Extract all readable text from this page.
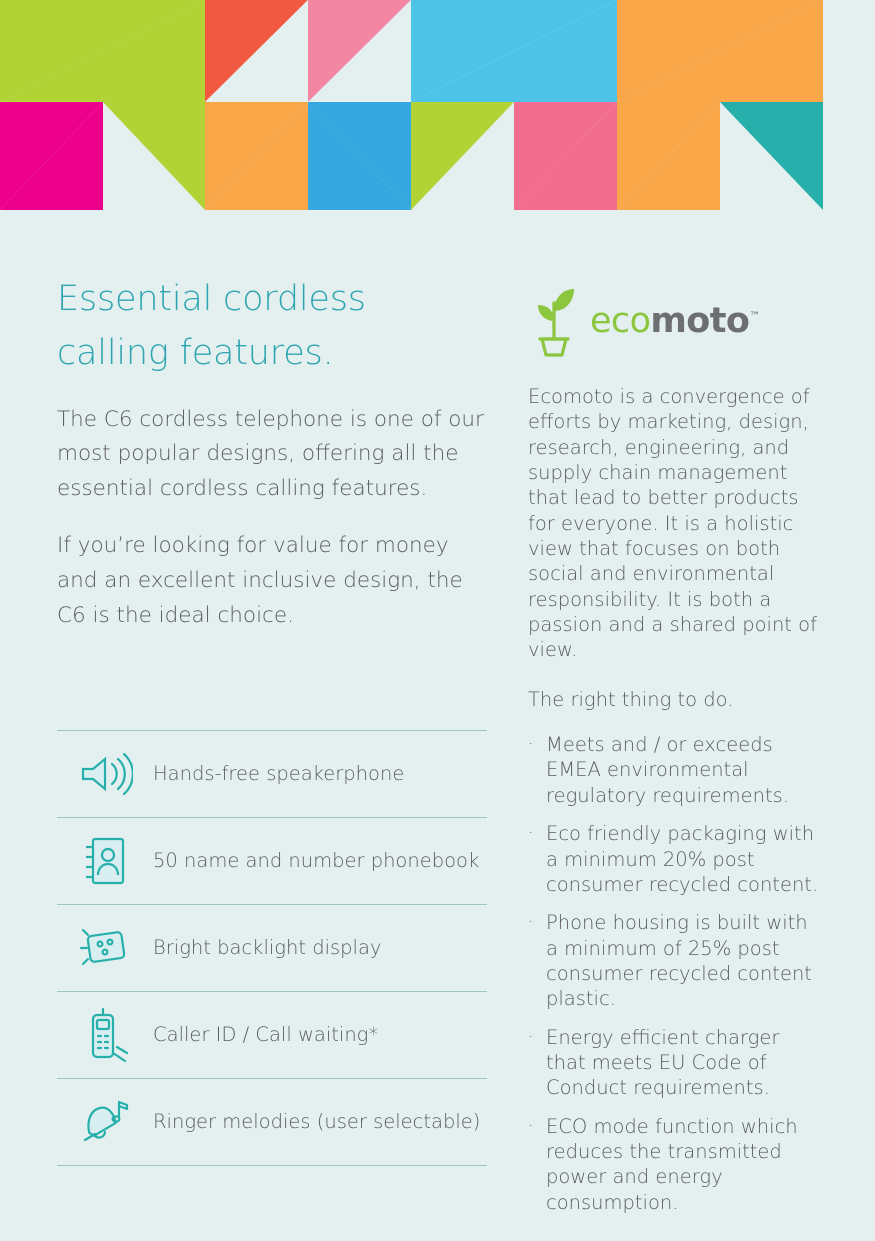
Essential cordless
calling features.

The C6 cordless telephone is one of our most popular designs, offering all the essential cordless calling features.

If you’re looking for value for money and an excellent inclusive design, the C6 is the ideal choice.

Hands-free speakerphone
50 name and number phonebook
Bright backlight display
Caller ID / Call waiting*
Ringer melodies (user selectable)
ecomoto™

Ecomoto is a convergence of efforts by marketing, design, research, engineering, and supply chain management that lead to better products for everyone. It is a holistic view that focuses on both social and environmental responsibility. It is both a passion and a shared point of view.

The right thing to do.

· Meets and / or exceeds EMEA environmental regulatory requirements.
· Eco friendly packaging with a minimum 20% post consumer recycled content.
· Phone housing is built with a minimum of 25% post consumer recycled content plastic.
· Energy efficient charger that meets EU Code of Conduct requirements.
· ECO mode function which reduces the transmitted power and energy consumption.
